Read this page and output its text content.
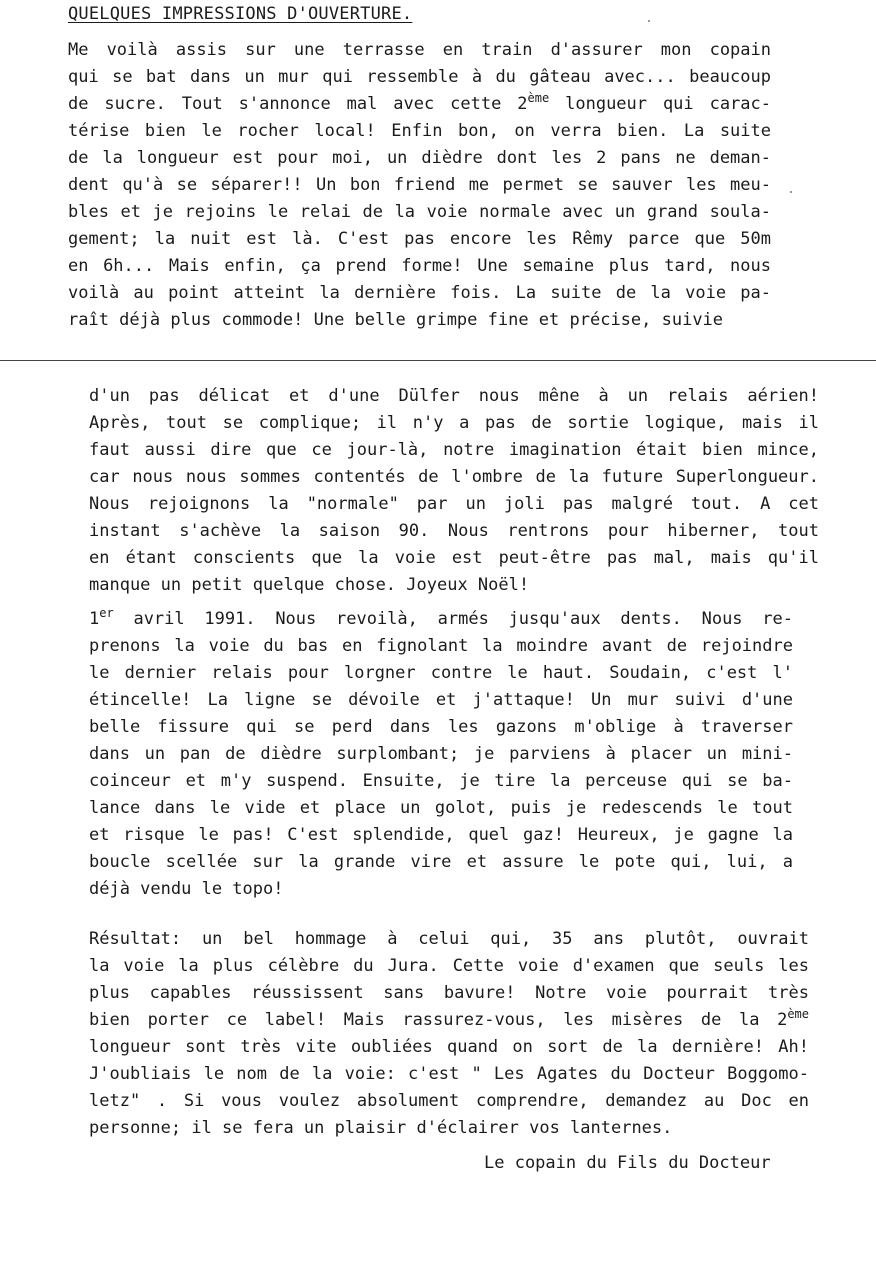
QUELQUES IMPRESSIONS D'OUVERTURE.
Me voilà assis sur une terrasse en train d'assurer mon copain
qui se bat dans un mur qui ressemble à du gâteau avec... beaucoup
de sucre. Tout s'annonce mal avec cette 2ème longueur qui carac-
térise bien le rocher local! Enfin bon, on verra bien. La suite
de la longueur est pour moi, un dièdre dont les 2 pans ne deman-
dent qu'à se séparer!! Un bon friend me permet se sauver les meu-
bles et je rejoins le relai de la voie normale avec un grand soula-
gement; la nuit est là. C'est pas encore les Rêmy parce que 50m
en 6h... Mais enfin, ça prend forme! Une semaine plus tard, nous
voilà au point atteint la dernière fois. La suite de la voie pa-
raît déjà plus commode! Une belle grimpe fine et précise, suivie
d'un pas délicat et d'une Dülfer nous mêne à un relais aérien!
Après, tout se complique; il n'y a pas de sortie logique, mais il
faut aussi dire que ce jour-là, notre imagination était bien mince,
car nous nous sommes contentés de l'ombre de la future Superlongueur.
Nous rejoignons la "normale" par un joli pas malgré tout. A cet
instant s'achève la saison 90. Nous rentrons pour hiberner, tout
en étant conscients que la voie est peut-être pas mal, mais qu'il
manque un petit quelque chose. Joyeux Noël!
1er avril 1991. Nous revoilà, armés jusqu'aux dents. Nous re-
prenons la voie du bas en fignolant la moindre avant de rejoindre
le dernier relais pour lorgner contre le haut. Soudain, c'est l'
étincelle! La ligne se dévoile et j'attaque! Un mur suivi d'une
belle fissure qui se perd dans les gazons m'oblige à traverser
dans un pan de dièdre surplombant; je parviens à placer un mini-
coinceur et m'y suspend. Ensuite, je tire la perceuse qui se ba-
lance dans le vide et place un golot, puis je redescends le tout
et risque le pas! C'est splendide, quel gaz! Heureux, je gagne la
boucle scellée sur la grande vire et assure le pote qui, lui, a
déjà vendu le topo!
Résultat: un bel hommage à celui qui, 35 ans plutôt, ouvrait
la voie la plus célèbre du Jura. Cette voie d'examen que seuls les
plus capables réussissent sans bavure! Notre voie pourrait très
bien porter ce label! Mais rassurez-vous, les misères de la 2ème
longueur sont très vite oubliées quand on sort de la dernière! Ah!
J'oubliais le nom de la voie: c'est " Les Agates du Docteur Boggomo-
letz" . Si vous voulez absolument comprendre, demandez au Doc en
personne; il se fera un plaisir d'éclairer vos lanternes.
Le copain du Fils du Docteur
